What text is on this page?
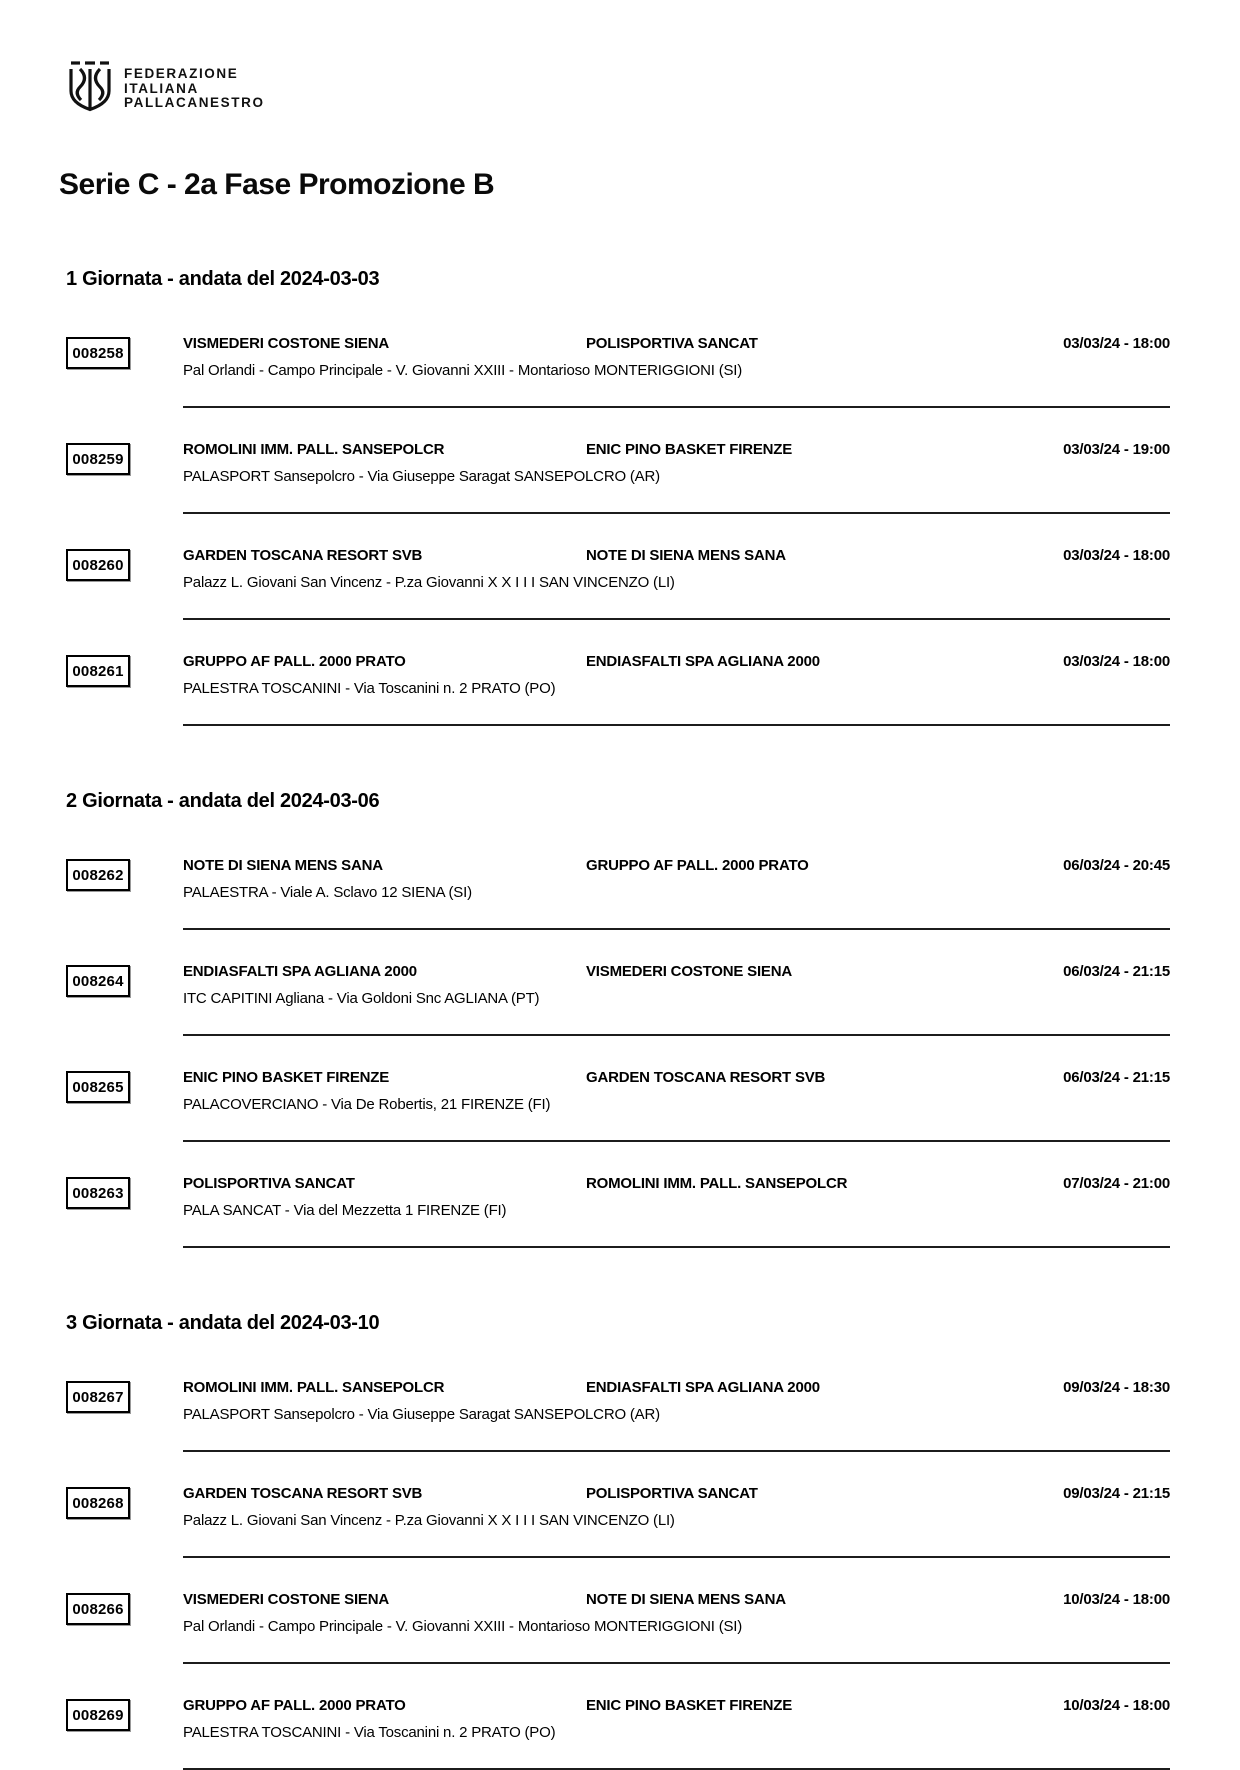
FEDERAZIONE
ITALIANA
PALLACANESTRO
Serie C - 2a Fase Promozione B
1 Giornata - andata del 2024-03-03
008258
VISMEDERI COSTONE SIENA	POLISPORTIVA SANCAT	03/03/24 - 18:00
Pal Orlandi - Campo Principale - V. Giovanni XXIII - Montarioso MONTERIGGIONI (SI)
008259
ROMOLINI IMM. PALL. SANSEPOLCR	ENIC PINO BASKET FIRENZE	03/03/24 - 19:00
PALASPORT Sansepolcro - Via Giuseppe Saragat SANSEPOLCRO (AR)
008260
GARDEN TOSCANA RESORT SVB	NOTE DI SIENA MENS SANA	03/03/24 - 18:00
Palazz L. Giovani San Vincenz - P.za Giovanni X X I I I SAN VINCENZO (LI)
008261
GRUPPO AF PALL. 2000 PRATO	ENDIASFALTI SPA AGLIANA 2000	03/03/24 - 18:00
PALESTRA TOSCANINI - Via Toscanini n. 2 PRATO (PO)
2 Giornata - andata del 2024-03-06
008262
NOTE DI SIENA MENS SANA	GRUPPO AF PALL. 2000 PRATO	06/03/24 - 20:45
PALAESTRA - Viale A. Sclavo 12 SIENA (SI)
008264
ENDIASFALTI SPA AGLIANA 2000	VISMEDERI COSTONE SIENA	06/03/24 - 21:15
ITC CAPITINI Agliana - Via Goldoni Snc AGLIANA (PT)
008265
ENIC PINO BASKET FIRENZE	GARDEN TOSCANA RESORT SVB	06/03/24 - 21:15
PALACOVERCIANO - Via De Robertis, 21 FIRENZE (FI)
008263
POLISPORTIVA SANCAT	ROMOLINI IMM. PALL. SANSEPOLCR	07/03/24 - 21:00
PALA SANCAT - Via del Mezzetta 1 FIRENZE (FI)
3 Giornata - andata del 2024-03-10
008267
ROMOLINI IMM. PALL. SANSEPOLCR	ENDIASFALTI SPA AGLIANA 2000	09/03/24 - 18:30
PALASPORT Sansepolcro - Via Giuseppe Saragat SANSEPOLCRO (AR)
008268
GARDEN TOSCANA RESORT SVB	POLISPORTIVA SANCAT	09/03/24 - 21:15
Palazz L. Giovani San Vincenz - P.za Giovanni X X I I I SAN VINCENZO (LI)
008266
VISMEDERI COSTONE SIENA	NOTE DI SIENA MENS SANA	10/03/24 - 18:00
Pal Orlandi - Campo Principale - V. Giovanni XXIII - Montarioso MONTERIGGIONI (SI)
008269
GRUPPO AF PALL. 2000 PRATO	ENIC PINO BASKET FIRENZE	10/03/24 - 18:00
PALESTRA TOSCANINI - Via Toscanini n. 2 PRATO (PO)
